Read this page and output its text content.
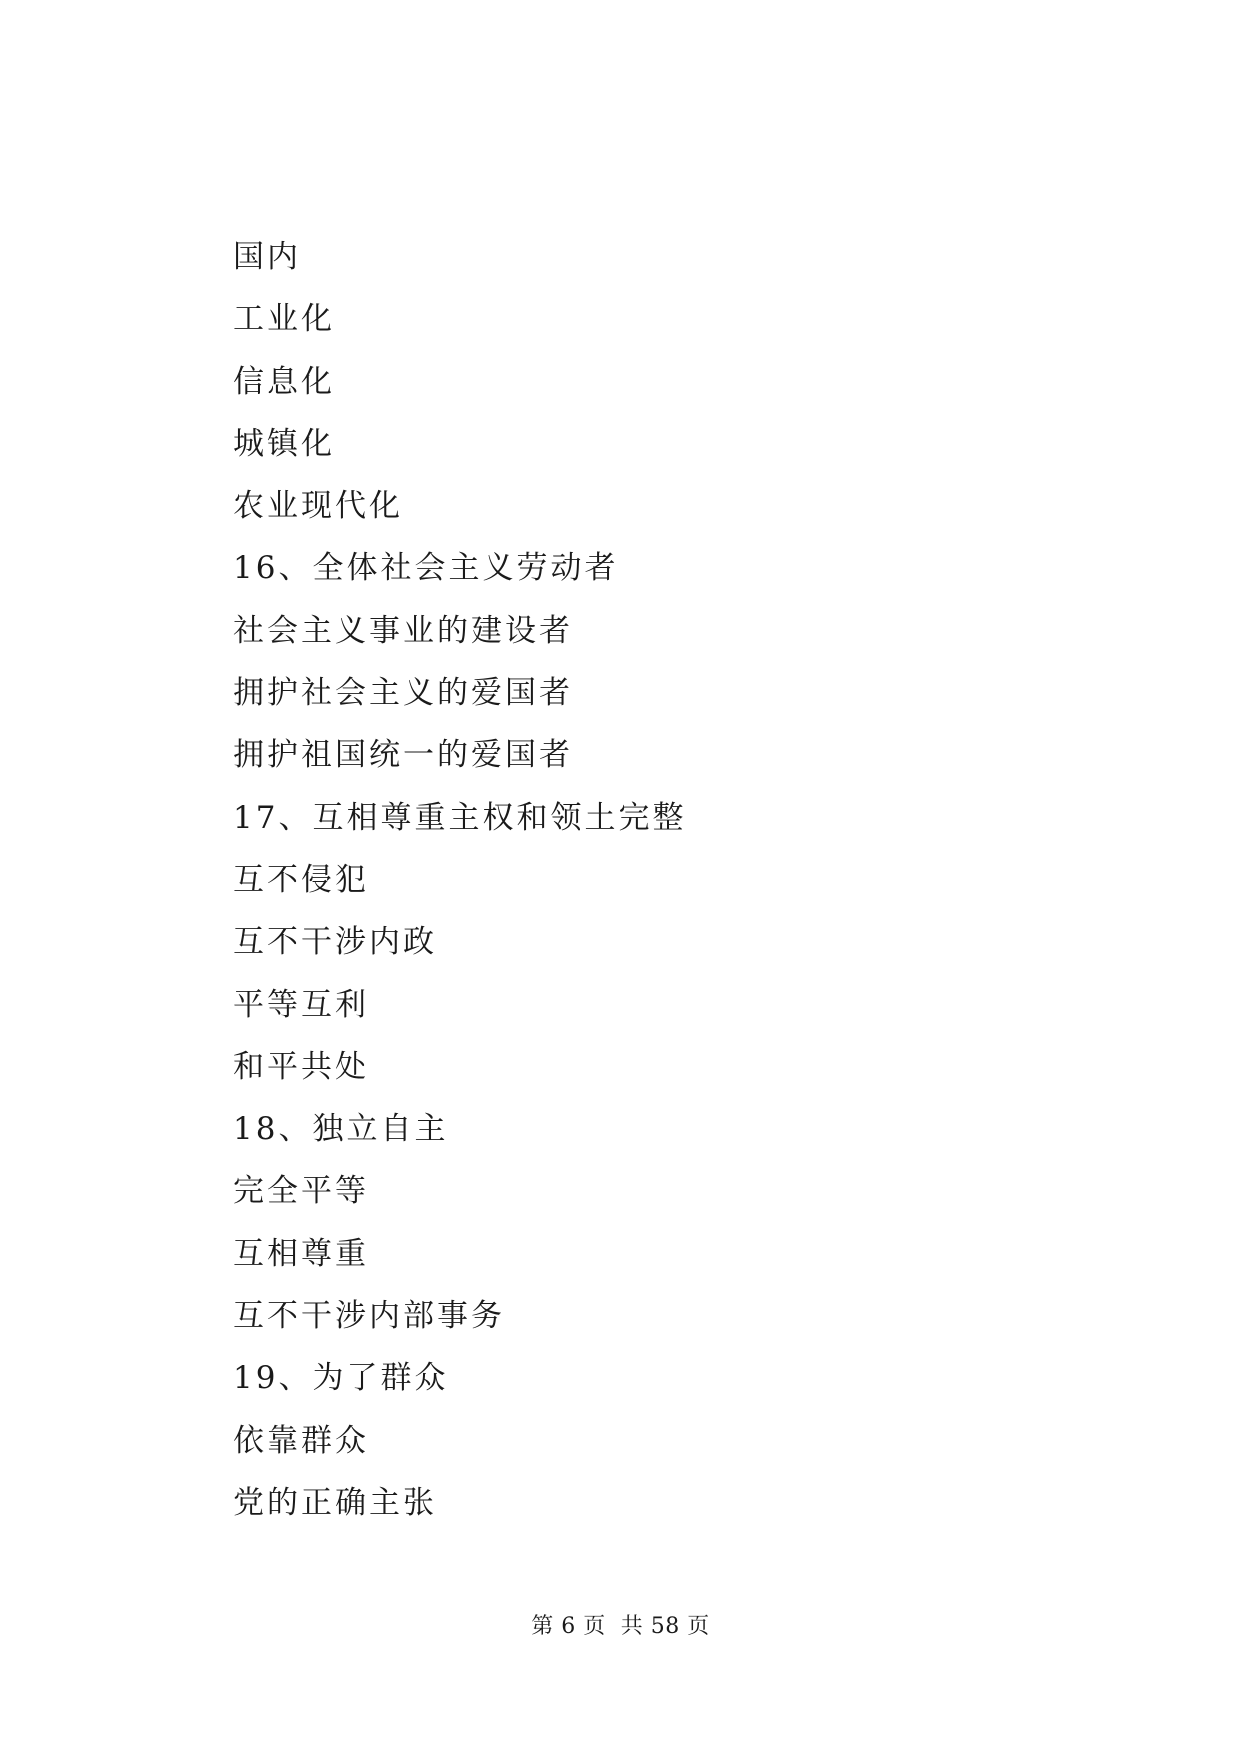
国内
工业化
信息化
城镇化
农业现代化
16、全体社会主义劳动者
社会主义事业的建设者
拥护社会主义的爱国者
拥护祖国统一的爱国者
17、互相尊重主权和领土完整
互不侵犯
互不干涉内政
平等互利
和平共处
18、独立自主
完全平等
互相尊重
互不干涉内部事务
19、为了群众
依靠群众
党的正确主张
第 6 页  共 58 页
